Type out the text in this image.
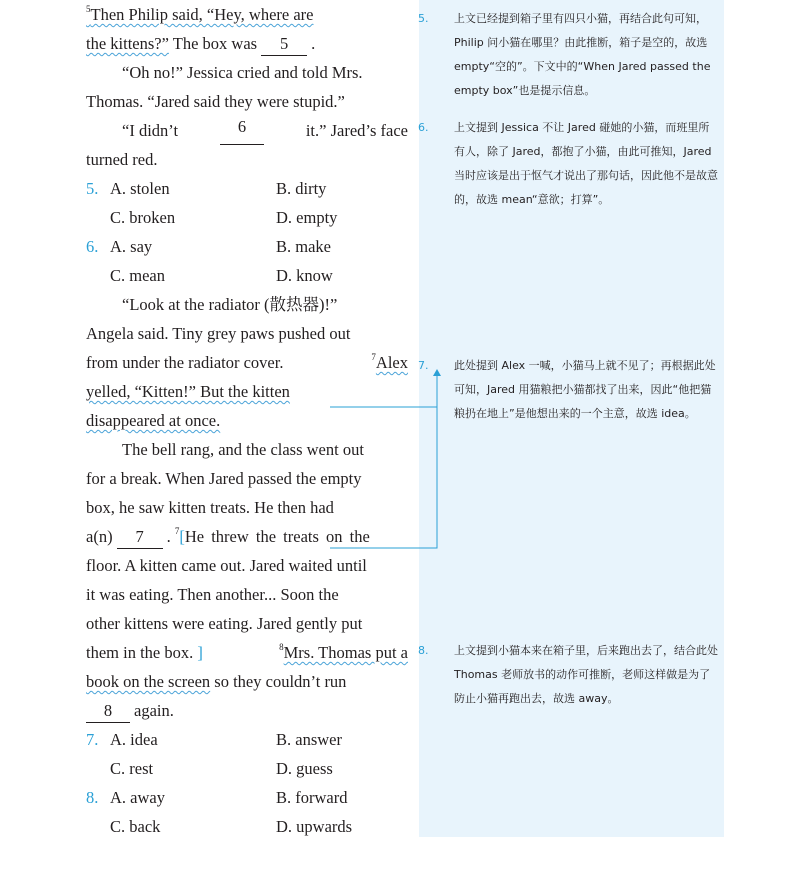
$^5$Then Philip said, “Hey, where are
the kittens?” The box was 5 .
“Oh no!” Jessica cried and told Mrs.
Thomas. “Jared said they were stupid.”
“I didn’t	6	it.” Jared’s face
turned red.
5. A. stolen	B. dirty
C. broken	D. empty
6. A. say	B. make
C. mean	D. know
“Look at the radiator (散热器)!”
Angela said. Tiny grey paws pushed out
from under the radiator cover.	$^7$Alex
yelled, “Kitten!” But the kitten
disappeared at once.
The bell rang, and the class went out
for a break. When Jared passed the empty
box, he saw kitten treats. He then had
a(n) 7 . $^7$[He threw the treats on the
floor. A kitten came out. Jared waited until
it was eating. Then another... Soon the
other kittens were eating. Jared gently put
them in the box. ]	$^8$Mrs. Thomas put a
book on the screen so they couldn’t run
8 again.
7. A. idea	B. answer
C. rest	D. guess
8. A. away	B. forward
C. back	D. upwards

5. 上文已经提到箱子里有四只小猫，再结合此句可知，Philip 问小猫在哪里？由此推断，箱子是空的，故选 empty“空的”。下文中的“When Jared passed the empty box”也是提示信息。

6. 上文提到 Jessica 不让 Jared 碰她的小猫，而班里所有人，除了 Jared，都抱了小猫，由此可推知，Jared 当时应该是出于怄气才说出了那句话，因此他不是故意的，故选 mean“意欲；打算”。

7. 此处提到 Alex 一喊，小猫马上就不见了；再根据此处可知，Jared 用猫粮把小猫都找了出来，因此“他把猫粮扔在地上”是他想出来的一个主意，故选 idea。

8. 上文提到小猫本来在箱子里，后来跑出去了，结合此处 Thomas 老师放书的动作可推断，老师这样做是为了防止小猫再跑出去，故选 away。
